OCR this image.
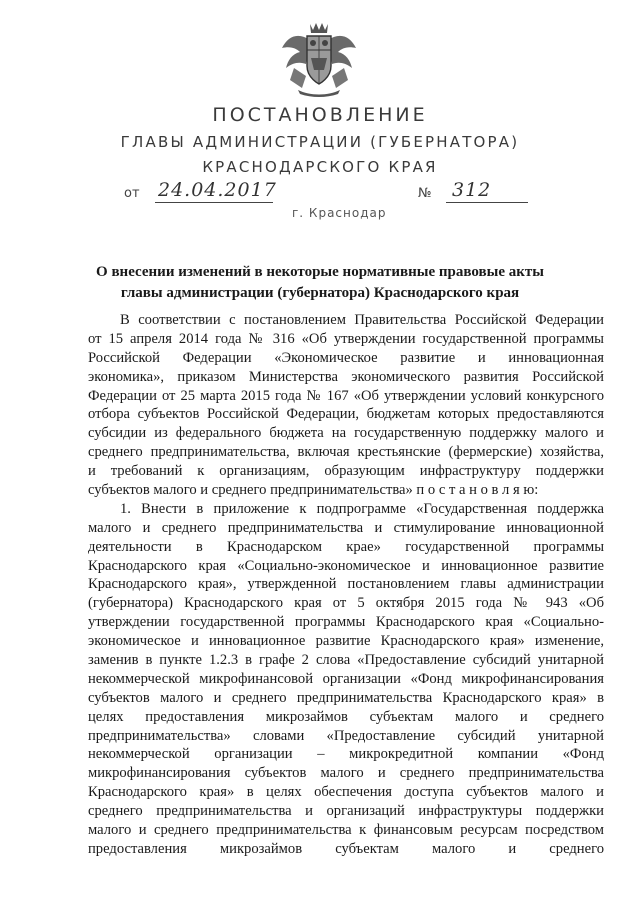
ПОСТАНОВЛЕНИЕ
ГЛАВЫ АДМИНИСТРАЦИИ (ГУБЕРНАТОРА)
КРАСНОДАРСКОГО КРАЯ
от 24.04.2017	№ 312
г. Краснодар
О внесении изменений в некоторые нормативные правовые акты
главы администрации (губернатора) Краснодарского края
В соответствии с постановлением Правительства Российской Федерации
от 15 апреля 2014 года № 316 «Об утверждении государственной программы
Российской Федерации «Экономическое развитие и инновационная
экономика», приказом Министерства экономического развития Российской
Федерации от 25 марта 2015 года № 167 «Об утверждении условий конкурсного
отбора субъектов Российской Федерации, бюджетам которых предоставляются
субсидии из федерального бюджета на государственную поддержку малого и
среднего предпринимательства, включая крестьянские (фермерские) хозяйства,
и требований к организациям, образующим инфраструктуру поддержки
субъектов малого и среднего предпринимательства» п о с т а н о в л я ю:
1. Внести в приложение к подпрограмме «Государственная поддержка
малого и среднего предпринимательства и стимулирование инновационной
деятельности в Краснодарском крае» государственной программы
Краснодарского края «Социально-экономическое и инновационное развитие
Краснодарского края», утвержденной постановлением главы администрации
(губернатора) Краснодарского края от 5 октября 2015 года № 943 «Об
утверждении государственной программы Краснодарского края «Социально-
экономическое и инновационное развитие Краснодарского края» изменение,
заменив в пункте 1.2.3 в графе 2 слова «Предоставление субсидий унитарной
некоммерческой микрофинансовой организации «Фонд микрофинансирования
субъектов малого и среднего предпринимательства Краснодарского края» в
целях предоставления микрозаймов субъектам малого и среднего
предпринимательства» словами «Предоставление субсидий унитарной
некоммерческой организации – микрокредитной компании «Фонд
микрофинансирования субъектов малого и среднего предпринимательства
Краснодарского края» в целях обеспечения доступа субъектов малого и
среднего предпринимательства и организаций инфраструктуры поддержки
малого и среднего предпринимательства к финансовым ресурсам посредством
предоставления микрозаймов субъектам малого и среднего
